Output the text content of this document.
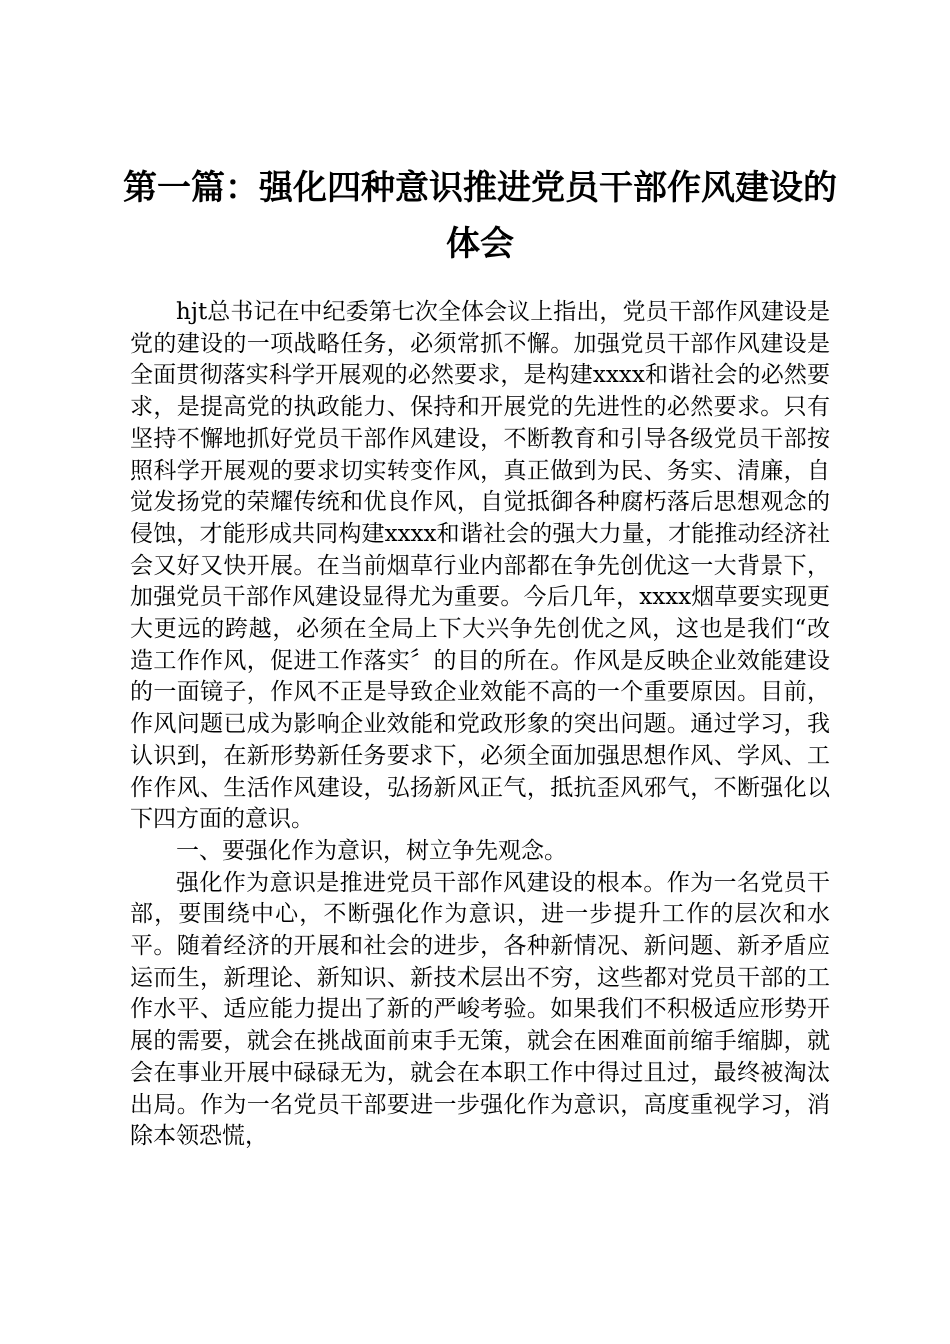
第一篇：强化四种意识推进党员干部作风建设的体会

hjt总书记在中纪委第七次全体会议上指出，党员干部作风建设是党的建设的一项战略任务，必须常抓不懈。加强党员干部作风建设是全面贯彻落实科学开展观的必然要求，是构建xxxx和谐社会的必然要求，是提高党的执政能力、保持和开展党的先进性的必然要求。只有坚持不懈地抓好党员干部作风建设，不断教育和引导各级党员干部按照科学开展观的要求切实转变作风，真正做到为民、务实、清廉，自觉发扬党的荣耀传统和优良作风，自觉抵御各种腐朽落后思想观念的侵蚀，才能形成共同构建xxxx和谐社会的强大力量，才能推动经济社会又好又快开展。在当前烟草行业内部都在争先创优这一大背景下，加强党员干部作风建设显得尤为重要。今后几年，xxxx烟草要实现更大更远的跨越，必须在全局上下大兴争先创优之风，这也是我们“改造工作作风，促进工作落实〞的目的所在。作风是反映企业效能建设的一面镜子，作风不正是导致企业效能不高的一个重要原因。目前，作风问题已成为影响企业效能和党政形象的突出问题。通过学习，我认识到，在新形势新任务要求下，必须全面加强思想作风、学风、工作作风、生活作风建设，弘扬新风正气，抵抗歪风邪气，不断强化以下四方面的意识。

一、要强化作为意识，树立争先观念。

强化作为意识是推进党员干部作风建设的根本。作为一名党员干部，要围绕中心，不断强化作为意识，进一步提升工作的层次和水平。随着经济的开展和社会的进步，各种新情况、新问题、新矛盾应运而生，新理论、新知识、新技术层出不穷，这些都对党员干部的工作水平、适应能力提出了新的严峻考验。如果我们不积极适应形势开展的需要，就会在挑战面前束手无策，就会在困难面前缩手缩脚，就会在事业开展中碌碌无为，就会在本职工作中得过且过，最终被淘汰出局。作为一名党员干部要进一步强化作为意识，高度重视学习，消除本领恐慌，
